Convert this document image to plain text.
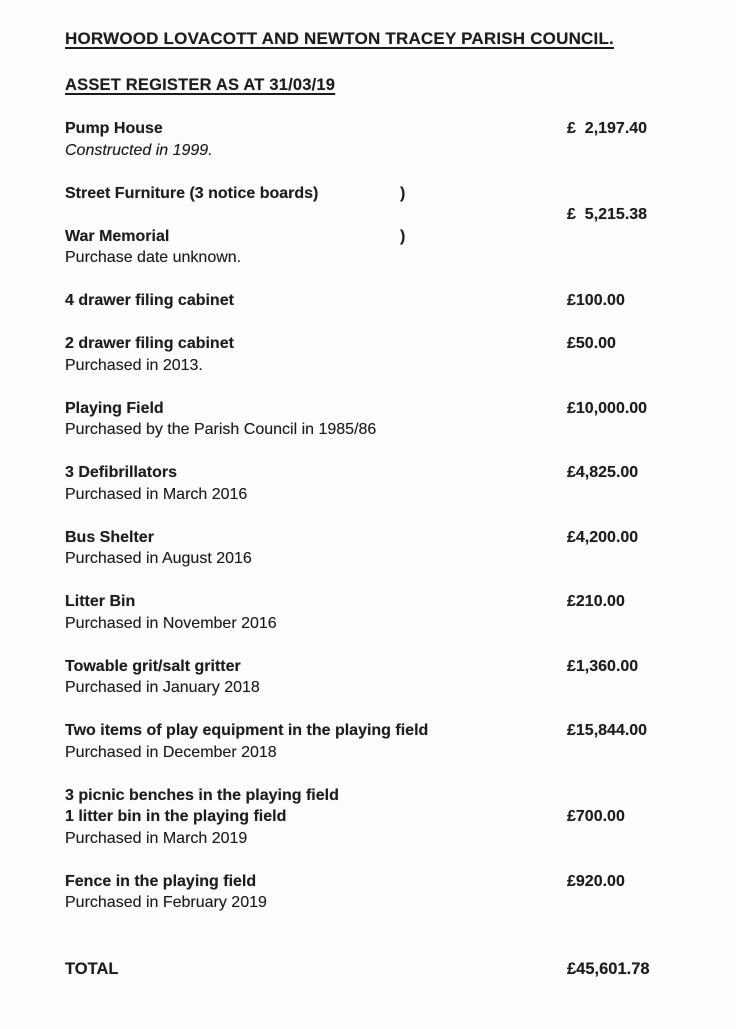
HORWOOD LOVACOTT AND NEWTON TRACEY PARISH COUNCIL.
ASSET REGISTER AS AT 31/03/19
Pump House	£  2,197.40
Constructed in 1999.
Street Furniture (3 notice boards)	)
£  5,215.38
War Memorial	)
Purchase date unknown.
4 drawer filing cabinet	£100.00
2 drawer filing cabinet	£50.00
Purchased in 2013.
Playing Field	£10,000.00
Purchased by the Parish Council in 1985/86
3 Defibrillators	£4,825.00
Purchased in March 2016
Bus Shelter	£4,200.00
Purchased in August 2016
Litter Bin	£210.00
Purchased in November 2016
Towable grit/salt gritter	£1,360.00
Purchased in January 2018
Two items of play equipment in the playing field	£15,844.00
Purchased in December 2018
3 picnic benches in the playing field
1 litter bin in the playing field	£700.00
Purchased in March 2019
Fence in the playing field	£920.00
Purchased in February 2019
TOTAL	£45,601.78
